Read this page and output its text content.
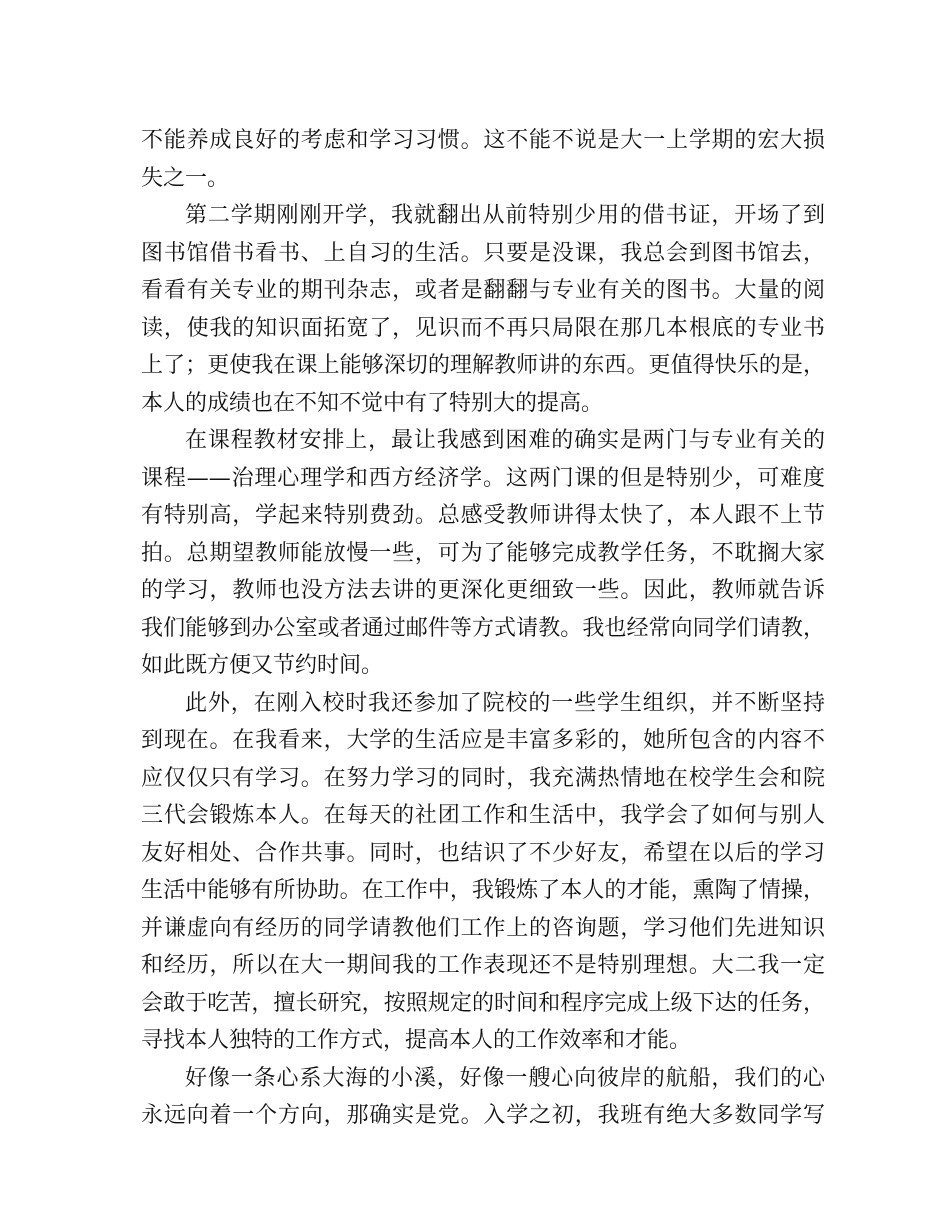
不能养成良好的考虑和学习习惯。这不能不说是大一上学期的宏大损
失之一。
第二学期刚刚开学，我就翻出从前特别少用的借书证，开场了到
图书馆借书看书、上自习的生活。只要是没课，我总会到图书馆去，
看看有关专业的期刊杂志，或者是翻翻与专业有关的图书。大量的阅
读，使我的知识面拓宽了，见识而不再只局限在那几本根底的专业书
上了；更使我在课上能够深切的理解教师讲的东西。更值得快乐的是，
本人的成绩也在不知不觉中有了特别大的提高。
在课程教材安排上，最让我感到困难的确实是两门与专业有关的
课程——治理心理学和西方经济学。这两门课的但是特别少，可难度
有特别高，学起来特别费劲。总感受教师讲得太快了，本人跟不上节
拍。总期望教师能放慢一些，可为了能够完成教学任务，不耽搁大家
的学习，教师也没方法去讲的更深化更细致一些。因此，教师就告诉
我们能够到办公室或者通过邮件等方式请教。我也经常向同学们请教，
如此既方便又节约时间。
此外，在刚入校时我还参加了院校的一些学生组织，并不断坚持
到现在。在我看来，大学的生活应是丰富多彩的，她所包含的内容不
应仅仅只有学习。在努力学习的同时，我充满热情地在校学生会和院
三代会锻炼本人。在每天的社团工作和生活中，我学会了如何与别人
友好相处、合作共事。同时，也结识了不少好友，希望在以后的学习
生活中能够有所协助。在工作中，我锻炼了本人的才能，熏陶了情操，
并谦虚向有经历的同学请教他们工作上的咨询题，学习他们先进知识
和经历，所以在大一期间我的工作表现还不是特别理想。大二我一定
会敢于吃苦，擅长研究，按照规定的时间和程序完成上级下达的任务，
寻找本人独特的工作方式，提高本人的工作效率和才能。
好像一条心系大海的小溪，好像一艘心向彼岸的航船，我们的心
永远向着一个方向，那确实是党。入学之初，我班有绝大多数同学写
